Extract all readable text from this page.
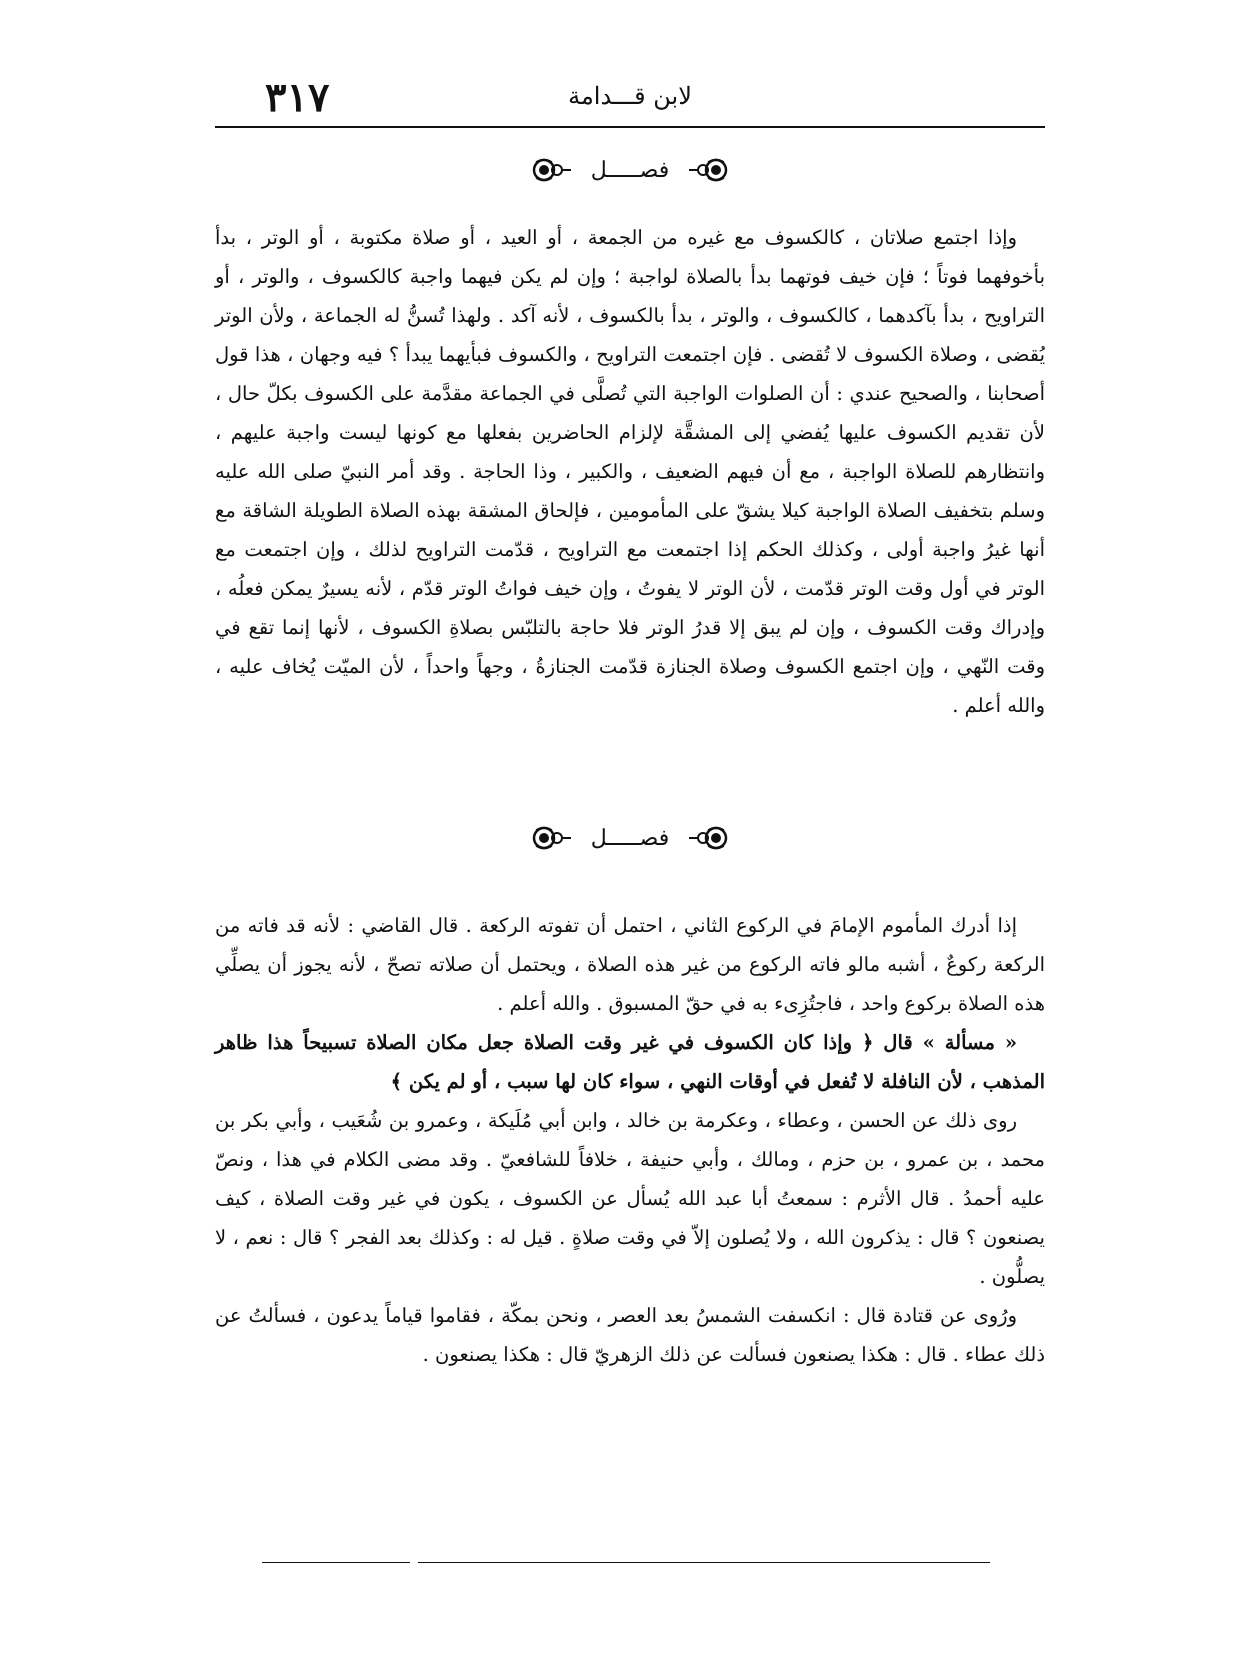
لابن قـــدامة
٣١٧
فصـــــل

وإذا اجتمع صلاتان ، كالكسوف مع غيره من الجمعة ، أو العيد ، أو صلاة مكتوبة ، أو الوتر ، بدأ بأخوفهما فوتاً ؛ فإن خيف فوتهما بدأ بالصلاة لواجبة ؛ وإن لم يكن فيهما واجبة كالكسوف ، والوتر ، أو التراويح ، بدأ بآكدهما ، كالكسوف ، والوتر ، بدأ بالكسوف ، لأنه آكد . ولهذا تُسنُّ له الجماعة ، ولأن الوتر يُقضى ، وصلاة الكسوف لا تُقضى . فإن اجتمعت التراويح ، والكسوف فبأيهما يبدأ ؟ فيه وجهان ، هذا قول أصحابنا ، والصحيح عندي : أن الصلوات الواجبة التي تُصلَّى في الجماعة مقدَّمة على الكسوف بكلّ حال ، لأن تقديم الكسوف عليها يُفضي إلى المشقَّة لإلزام الحاضرين بفعلها مع كونها ليست واجبة عليهم ، وانتظارهم للصلاة الواجبة ، مع أن فيهم الضعيف ، والكبير ، وذا الحاجة . وقد أمر النبيّ صلى الله عليه وسلم بتخفيف الصلاة الواجبة كيلا يشقّ على المأمومين ، فإلحاق المشقة بهذه الصلاة الطويلة الشاقة مع أنها غيرُ واجبة أولى ، وكذلك الحكم إذا اجتمعت مع التراويح ، قدّمت التراويح لذلك ، وإن اجتمعت مع الوتر في أول وقت الوتر قدّمت ، لأن الوتر لا يفوتُ ، وإن خيف فواتُ الوتر قدّم ، لأنه يسيرٌ يمكن فعلُه ، وإدراك وقت الكسوف ، وإن لم يبق إلا قدرُ الوتر فلا حاجة بالتلبّس بصلاةِ الكسوف ، لأنها إنما تقع في وقت النّهي ، وإن اجتمع الكسوف وصلاة الجنازة قدّمت الجنازةُ ، وجهاً واحداً ، لأن الميّت يُخاف عليه ، والله أعلم .

فصـــــل

إذا أدرك المأموم الإمامَ في الركوع الثاني ، احتمل أن تفوته الركعة . قال القاضي : لأنه قد فاته من الركعة ركوعٌ ، أشبه مالو فاته الركوع من غير هذه الصلاة ، ويحتمل أن صلاته تصحّ ، لأنه يجوز أن يصلِّي هذه الصلاة بركوع واحد ، فاجتُزِىء به في حقّ المسبوق . والله أعلم .

« مسألة » قال ﴿ وإذا كان الكسوف في غير وقت الصلاة جعل مكان الصلاة تسبيحاً هذا ظاهر المذهب ، لأن النافلة لا تُفعل في أوقات النهي ، سواء كان لها سبب ، أو لم يكن ﴾

روى ذلك عن الحسن ، وعطاء ، وعكرمة بن خالد ، وابن أبي مُلَيكة ، وعمرو بن شُعَيب ، وأبي بكر بن محمد ، بن عمرو ، بن حزم ، ومالك ، وأبي حنيفة ، خلافاً للشافعيّ . وقد مضى الكلام في هذا ، ونصّ عليه أحمدُ . قال الأثرم : سمعتُ أبا عبد الله يُسأل عن الكسوف ، يكون في غير وقت الصلاة ، كيف يصنعون ؟ قال : يذكرون الله ، ولا يُصلون إلاّ في وقت صلاةٍ . قيل له : وكذلك بعد الفجر ؟ قال : نعم ، لا يصلُّون .

ورُوى عن قتادة قال : انكسفت الشمسُ بعد العصر ، ونحن بمكّة ، فقاموا قياماً يدعون ، فسألتُ عن ذلك عطاء . قال : هكذا يصنعون فسألت عن ذلك الزهريّ قال : هكذا يصنعون .
